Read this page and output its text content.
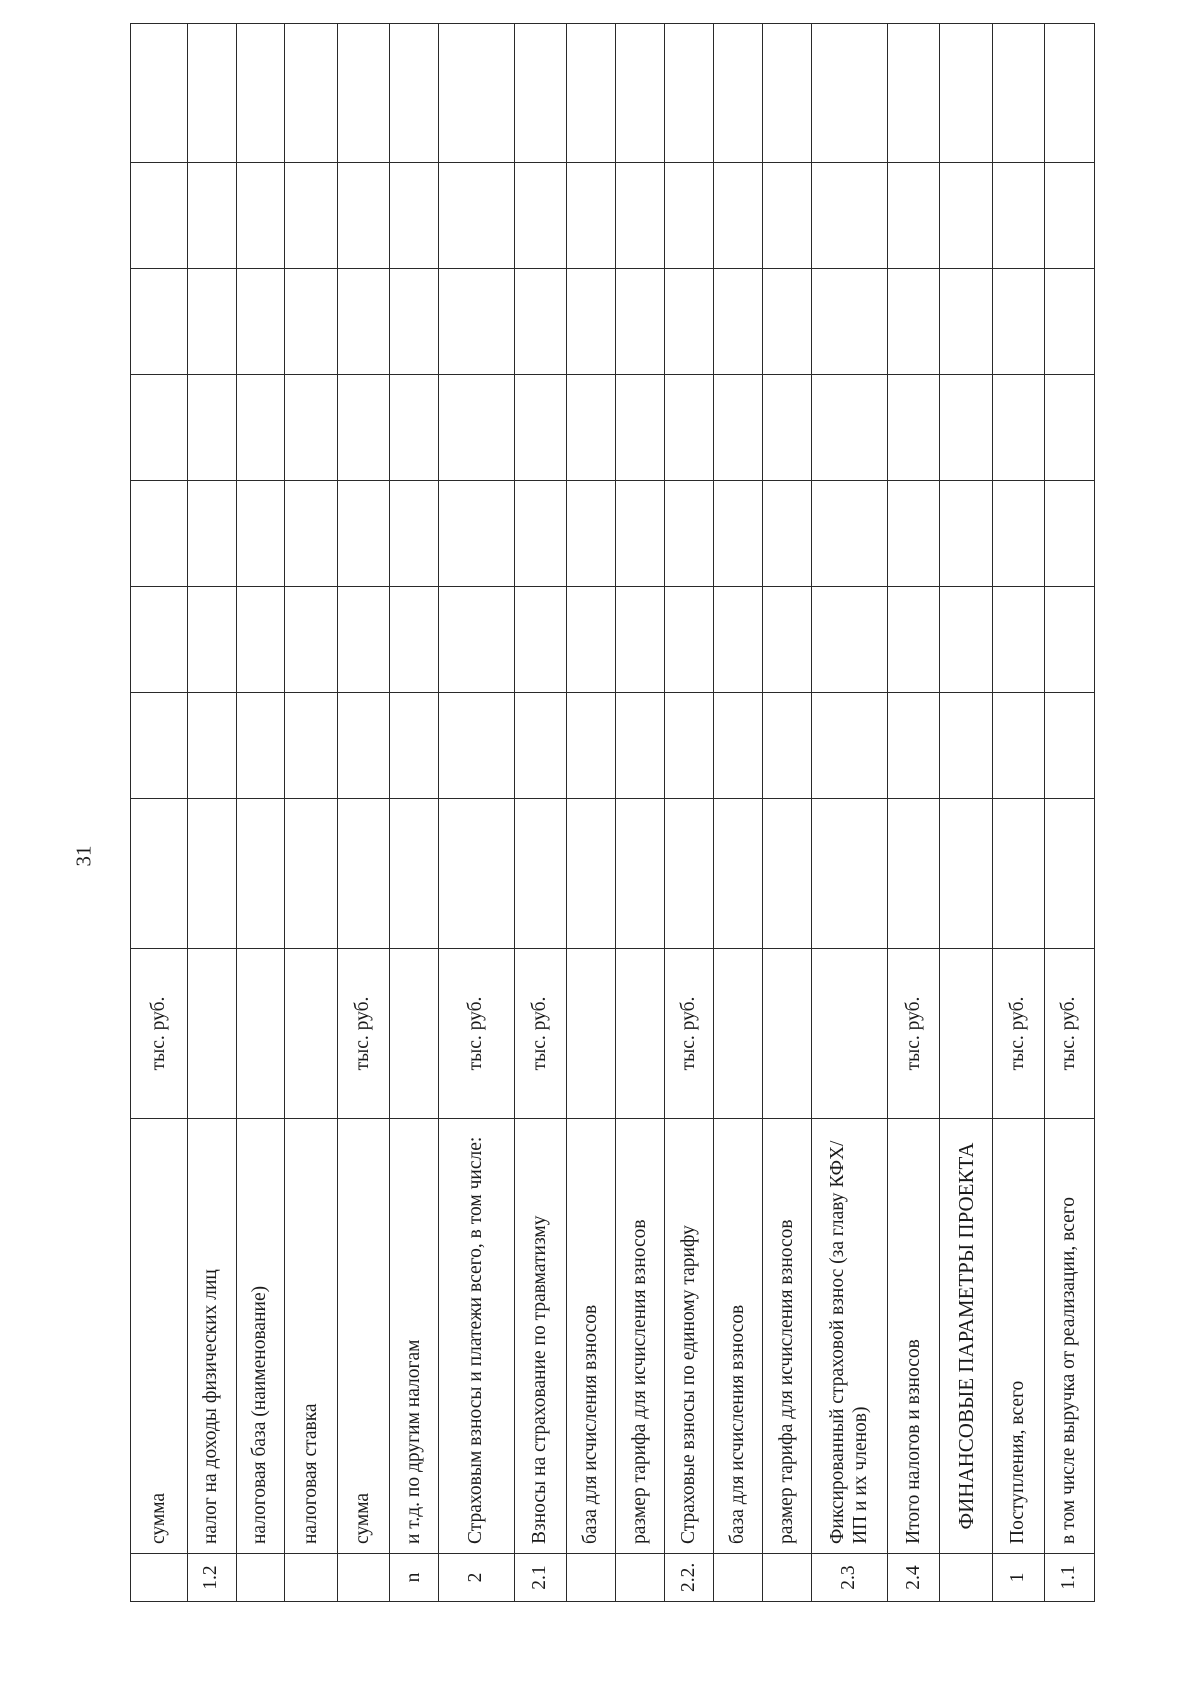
31
	сумма	тыс. руб.								
1.2	налог на доходы физических лиц									
	налоговая база (наименование)									
	налоговая ставка									
	сумма	тыс. руб.								
n	и т.д. по другим налогам									
2	Страховым взносы и платежи всего, в том числе:	тыс. руб.								
2.1	Взносы на страхование по травматизму	тыс. руб.								
	база для исчисления взносов									
	размер тарифа для исчисления взносов									
2.2.	Страховые взносы по единому тарифу	тыс. руб.								
	база для исчисления взносов									
	размер тарифа для исчисления взносов									
2.3	Фиксированный страховой взнос (за главу КФХ/ИП и их членов)									
2.4	Итого налогов и взносов	тыс. руб.								
	ФИНАНСОВЫЕ ПАРАМЕТРЫ ПРОЕКТА									
1	Поступления, всего	тыс. руб.								
1.1	в том числе выручка от реализации, всего	тыс. руб.								
